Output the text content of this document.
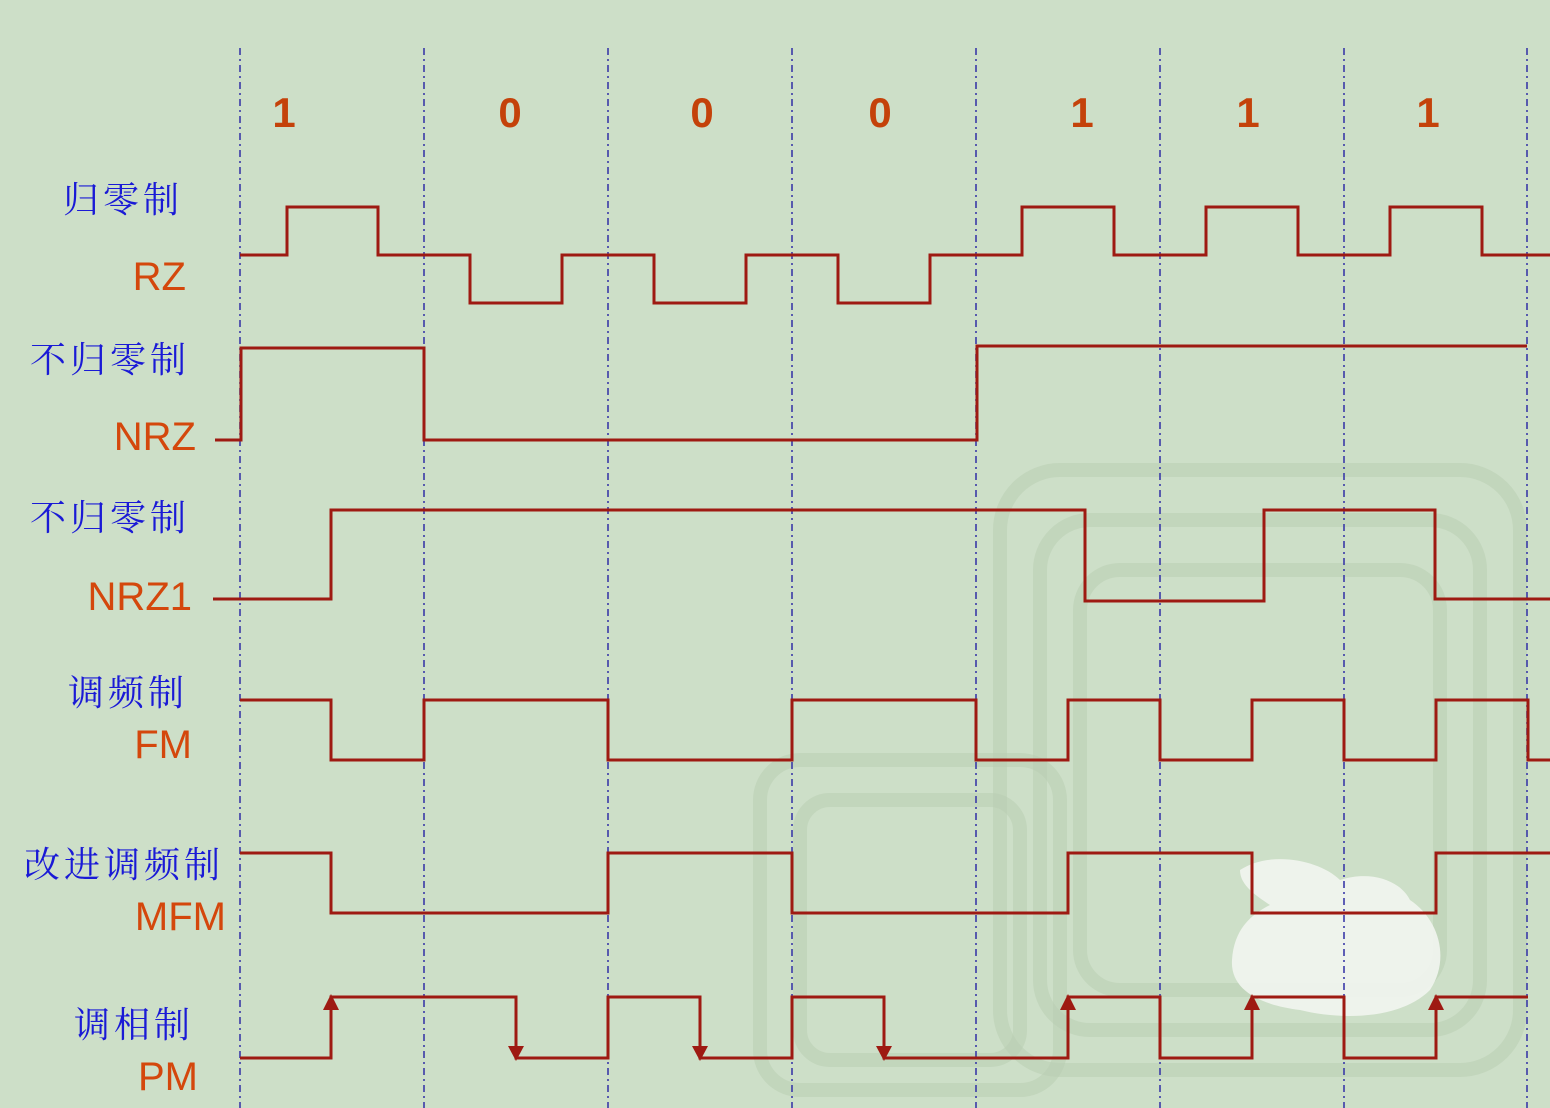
1	0	0	0	1	1	1
归零制
RZ
不归零制
NRZ
不归零制
NRZ1
调频制
FM
改进调频制
MFM
调相制
PM
